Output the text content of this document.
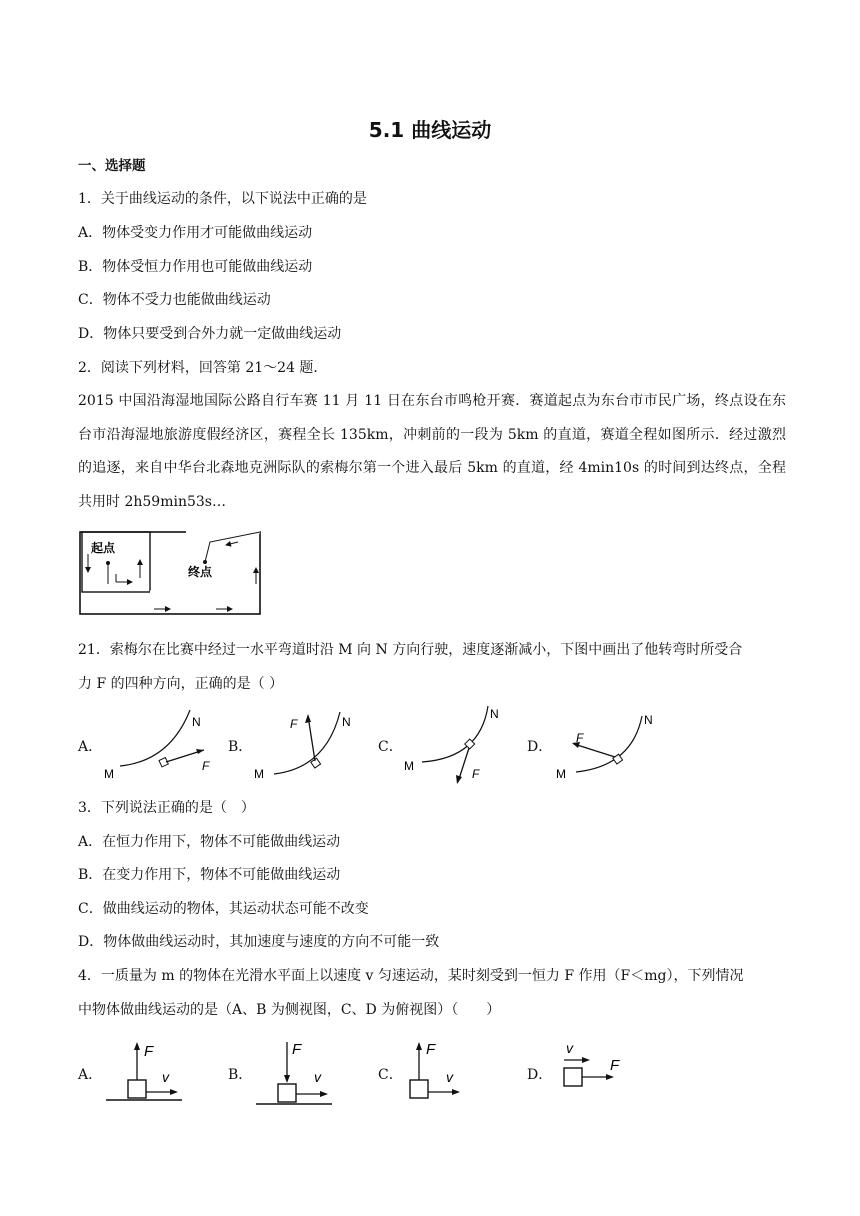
5.1 曲线运动
一、选择题
1．关于曲线运动的条件，以下说法中正确的是
A．物体受变力作用才可能做曲线运动
B．物体受恒力作用也可能做曲线运动
C．物体不受力也能做曲线运动
D．物体只要受到合外力就一定做曲线运动
2．阅读下列材料，回答第 21～24 题．
2015 中国沿海湿地国际公路自行车赛 11 月 11 日在东台市鸣枪开赛．赛道起点为东台市市民广场，终点设在东台市沿海湿地旅游度假经济区，赛程全长 135km，冲刺前的一段为 5km 的直道，赛道全程如图所示．经过激烈的追逐，来自中华台北森地克洲际队的索梅尔第一个进入最后 5km 的直道，经 4min10s 的时间到达终点，全程共用时 2h59min53s…
起点
终点
21．索梅尔在比赛中经过一水平弯道时沿 M 向 N 方向行驶，速度逐渐减小，下图中画出了他转弯时所受合
力 F 的四种方向，正确的是（ ）
A．
M
N
F
B．
M
N
F
C．
M
N
F
D．
M
N
F
3．下列说法正确的是（　）
A．在恒力作用下，物体不可能做曲线运动
B．在变力作用下，物体不可能做曲线运动
C．做曲线运动的物体，其运动状态可能不改变
D．物体做曲线运动时，其加速度与速度的方向不可能一致
4．一质量为 m 的物体在光滑水平面上以速度 v 匀速运动，某时刻受到一恒力 F 作用（F＜mg），下列情况
中物体做曲线运动的是（A、B 为侧视图，C、D 为俯视图）（　　）
A．
F
v	B．
F
v	C．
F
v	D．
v
F
